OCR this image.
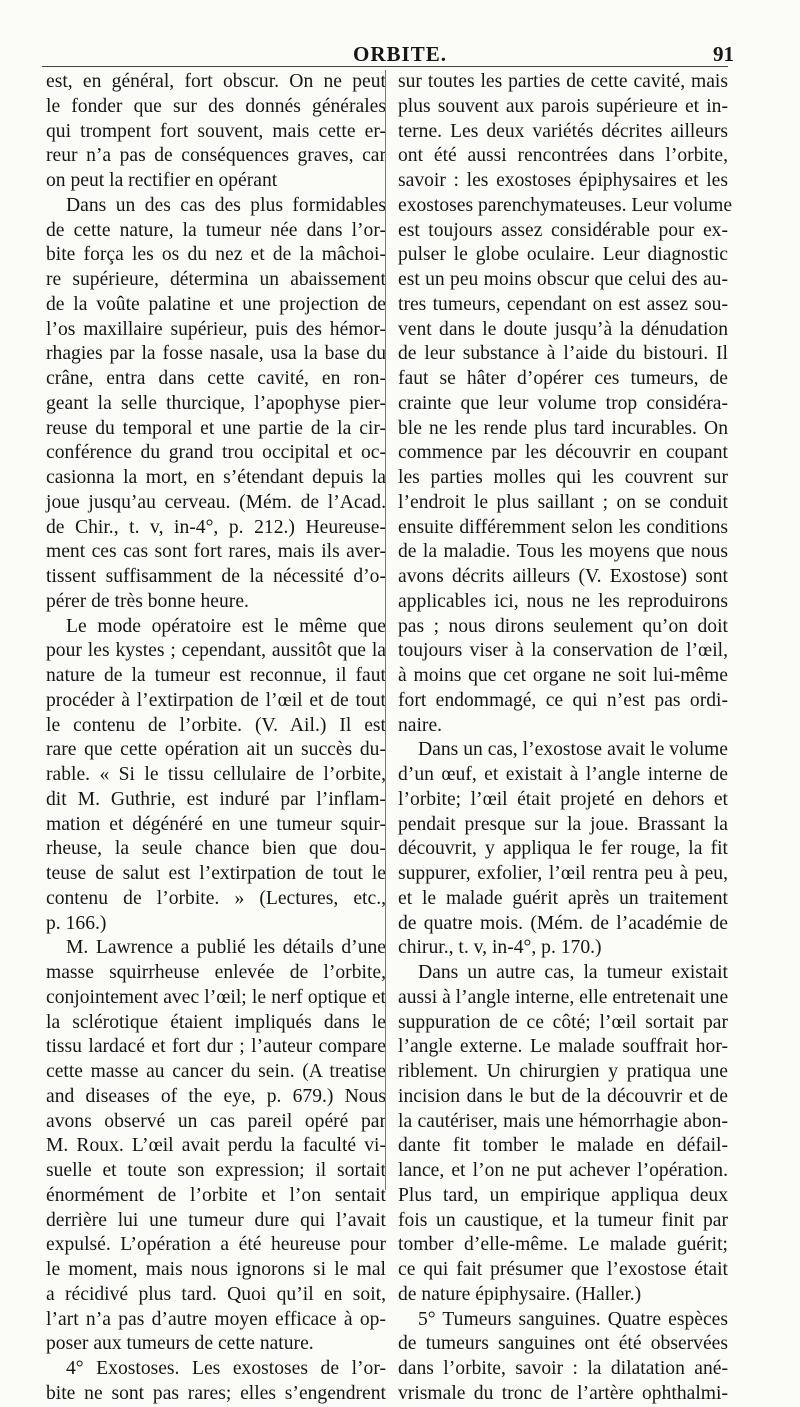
ORBITE.	91
est, en général, fort obscur. On ne peut
le fonder que sur des donnés générales
qui trompent fort souvent, mais cette er-
reur n’a pas de conséquences graves, car
on peut la rectifier en opérant
Dans un des cas des plus formidables
de cette nature, la tumeur née dans l’or-
bite força les os du nez et de la mâchoi-
re supérieure, détermina un abaissement
de la voûte palatine et une projection de
l’os maxillaire supérieur, puis des hémor-
rhagies par la fosse nasale, usa la base du
crâne, entra dans cette cavité, en ron-
geant la selle thurcique, l’apophyse pier-
reuse du temporal et une partie de la cir-
conférence du grand trou occipital et oc-
casionna la mort, en s’étendant depuis la
joue jusqu’au cerveau. (Mém. de l’Acad.
de Chir., t. v, in-4°, p. 212.) Heureuse-
ment ces cas sont fort rares, mais ils aver-
tissent suffisamment de la nécessité d’o-
pérer de très bonne heure.
Le mode opératoire est le même que
pour les kystes ; cependant, aussitôt que la
nature de la tumeur est reconnue, il faut
procéder à l’extirpation de l’œil et de tout
le contenu de l’orbite. (V. Ail.) Il est
rare que cette opération ait un succès du-
rable. « Si le tissu cellulaire de l’orbite,
dit M. Guthrie, est induré par l’inflam-
mation et dégénéré en une tumeur squir-
rheuse, la seule chance bien que dou-
teuse de salut est l’extirpation de tout le
contenu de l’orbite. » (Lectures, etc.,
p. 166.)
M. Lawrence a publié les détails d’une
masse squirrheuse enlevée de l’orbite,
conjointement avec l’œil; le nerf optique et
la sclérotique étaient impliqués dans le
tissu lardacé et fort dur ; l’auteur compare
cette masse au cancer du sein. (A treatise
and diseases of the eye, p. 679.) Nous
avons observé un cas pareil opéré par
M. Roux. L’œil avait perdu la faculté vi-
suelle et toute son expression; il sortait
énormément de l’orbite et l’on sentait
derrière lui une tumeur dure qui l’avait
expulsé. L’opération a été heureuse pour
le moment, mais nous ignorons si le mal
a récidivé plus tard. Quoi qu’il en soit,
l’art n’a pas d’autre moyen efficace à op-
poser aux tumeurs de cette nature.
4° Exostoses. Les exostoses de l’or-
bite ne sont pas rares; elles s’engendrent
sur toutes les parties de cette cavité, mais
plus souvent aux parois supérieure et in-
terne. Les deux variétés décrites ailleurs
ont été aussi rencontrées dans l’orbite,
savoir : les exostoses épiphysaires et les
exostoses parenchymateuses. Leur volume
est toujours assez considérable pour ex-
pulser le globe oculaire. Leur diagnostic
est un peu moins obscur que celui des au-
tres tumeurs, cependant on est assez sou-
vent dans le doute jusqu’à la dénudation
de leur substance à l’aide du bistouri. Il
faut se hâter d’opérer ces tumeurs, de
crainte que leur volume trop considéra-
ble ne les rende plus tard incurables. On
commence par les découvrir en coupant
les parties molles qui les couvrent sur
l’endroit le plus saillant ; on se conduit
ensuite différemment selon les conditions
de la maladie. Tous les moyens que nous
avons décrits ailleurs (V. Exostose) sont
applicables ici, nous ne les reproduirons
pas ; nous dirons seulement qu’on doit
toujours viser à la conservation de l’œil,
à moins que cet organe ne soit lui-même
fort endommagé, ce qui n’est pas ordi-
naire.
Dans un cas, l’exostose avait le volume
d’un œuf, et existait à l’angle interne de
l’orbite; l’œil était projeté en dehors et
pendait presque sur la joue. Brassant la
découvrit, y appliqua le fer rouge, la fit
suppurer, exfolier, l’œil rentra peu à peu,
et le malade guérit après un traitement
de quatre mois. (Mém. de l’académie de
chirur., t. v, in-4°, p. 170.)
Dans un autre cas, la tumeur existait
aussi à l’angle interne, elle entretenait une
suppuration de ce côté; l’œil sortait par
l’angle externe. Le malade souffrait hor-
riblement. Un chirurgien y pratiqua une
incision dans le but de la découvrir et de
la cautériser, mais une hémorrhagie abon-
dante fit tomber le malade en défail-
lance, et l’on ne put achever l’opération.
Plus tard, un empirique appliqua deux
fois un caustique, et la tumeur finit par
tomber d’elle-même. Le malade guérit;
ce qui fait présumer que l’exostose était
de nature épiphysaire. (Haller.)
5° Tumeurs sanguines. Quatre espèces
de tumeurs sanguines ont été observées
dans l’orbite, savoir : la dilatation ané-
vrismale du tronc de l’artère ophthalmi-
